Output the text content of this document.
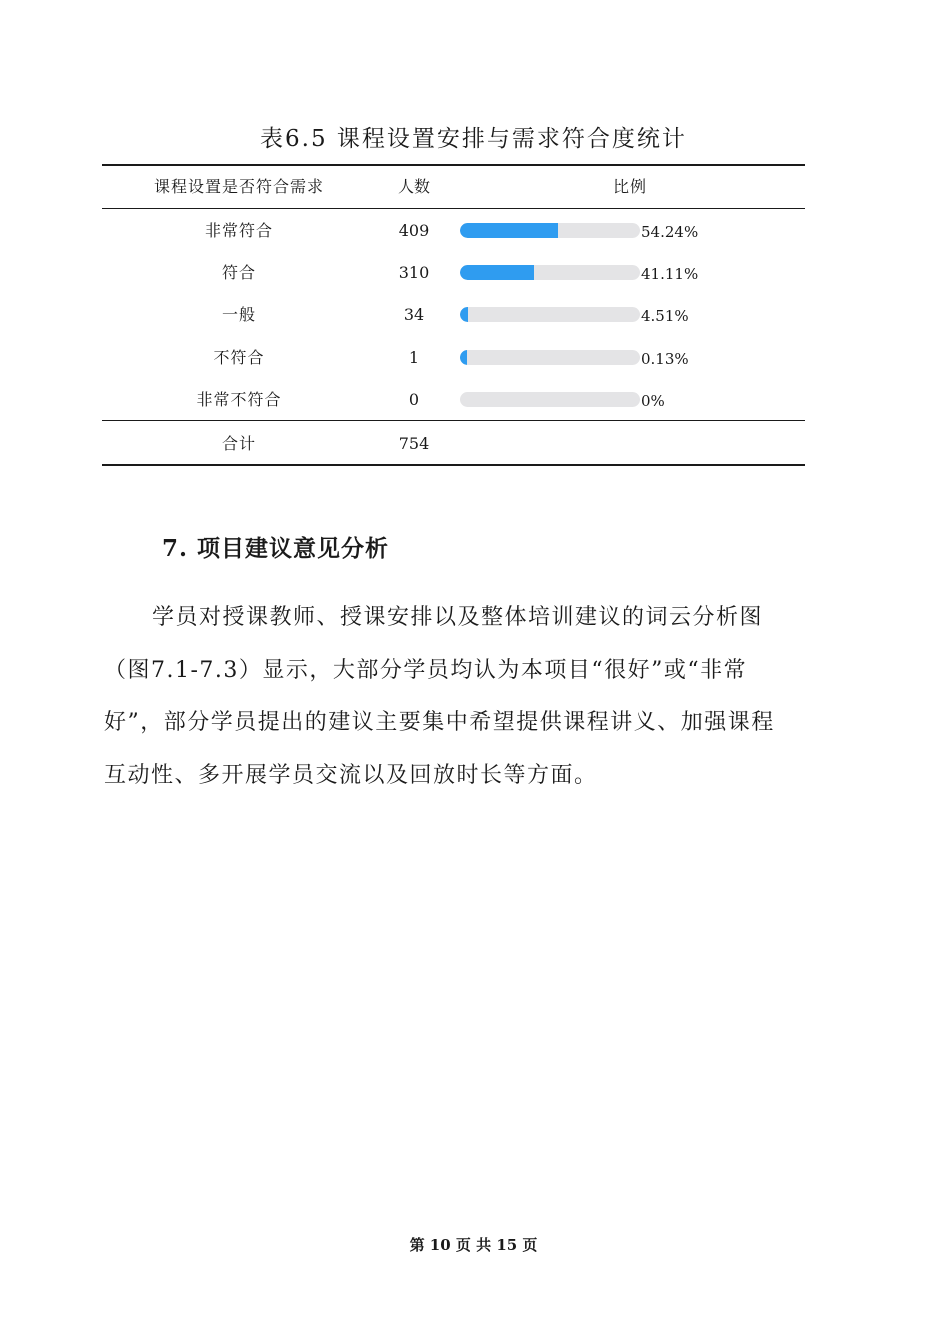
表6.5 课程设置安排与需求符合度统计
课程设置是否符合需求	人数	比例
非常符合	409	54.24%
符合	310	41.11%
一般	34	4.51%
不符合	1	0.13%
非常不符合	0	0%
合计	754
7. 项目建议意见分析

学员对授课教师、授课安排以及整体培训建议的词云分析图（图7.1-7.3）显示，大部分学员均认为本项目“很好”或“非常好”，部分学员提出的建议主要集中希望提供课程讲义、加强课程互动性、多开展学员交流以及回放时长等方面。

第 10 页 共 15 页
